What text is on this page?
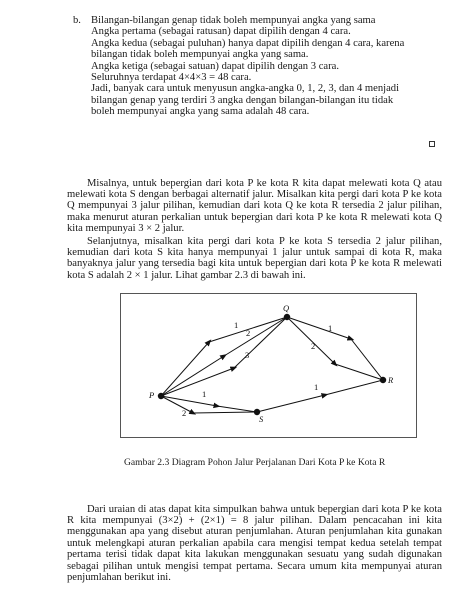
b. Bilangan-bilangan genap tidak boleh mempunyai angka yang sama
Angka pertama (sebagai ratusan) dapat dipilih dengan 4 cara.
Angka kedua (sebagai puluhan) hanya dapat dipilih dengan 4 cara, karena
bilangan tidak boleh mempunyai angka yang sama.
Angka ketiga (sebagai satuan) dapat dipilih dengan 3 cara.
Seluruhnya terdapat 4×4×3 = 48 cara.
Jadi, banyak cara untuk menyusun angka-angka 0, 1, 2, 3, dan 4 menjadi
bilangan genap yang terdiri 3 angka dengan bilangan-bilangan itu tidak
boleh mempunyai angka yang sama adalah 48 cara.

Misalnya, untuk bepergian dari kota P ke kota R kita dapat melewati kota Q atau melewati kota S dengan berbagai alternatif jalur. Misalkan kita pergi dari kota P ke kota Q mempunyai 3 jalur pilihan, kemudian dari kota Q ke kota R tersedia 2 jalur pilihan, maka menurut aturan perkalian untuk bepergian dari kota P ke kota R melewati kota Q kita mempunyai 3 × 2 jalur.

Selanjutnya, misalkan kita pergi dari kota P ke kota S tersedia 2 jalur pilihan, kemudian dari kota S kita hanya mempunyai 1 jalur untuk sampai di kota R, maka banyaknya jalur yang tersedia bagi kita untuk bepergian dari kota P ke kota R melewati kota S adalah 2 × 1 jalur. Lihat gambar 2.3 di bawah ini.

P
Q
R
S
1
2
3
1
2
1
2
1
Gambar 2.3 Diagram Pohon Jalur Perjalanan Dari Kota P ke Kota R

Dari uraian di atas dapat kita simpulkan bahwa untuk bepergian dari kota P ke kota R kita mempunyai (3×2) + (2×1) = 8 jalur pilihan. Dalam pencacahan ini kita menggunakan apa yang disebut aturan penjumlahan. Aturan penjumlahan kita gunakan untuk melengkapi aturan perkalian apabila cara mengisi tempat kedua setelah tempat pertama terisi tidak dapat kita lakukan menggunakan sesuatu yang sudah digunakan sebagai pilihan untuk mengisi tempat pertama. Secara umum kita mempunyai aturan penjumlahan berikut ini.
